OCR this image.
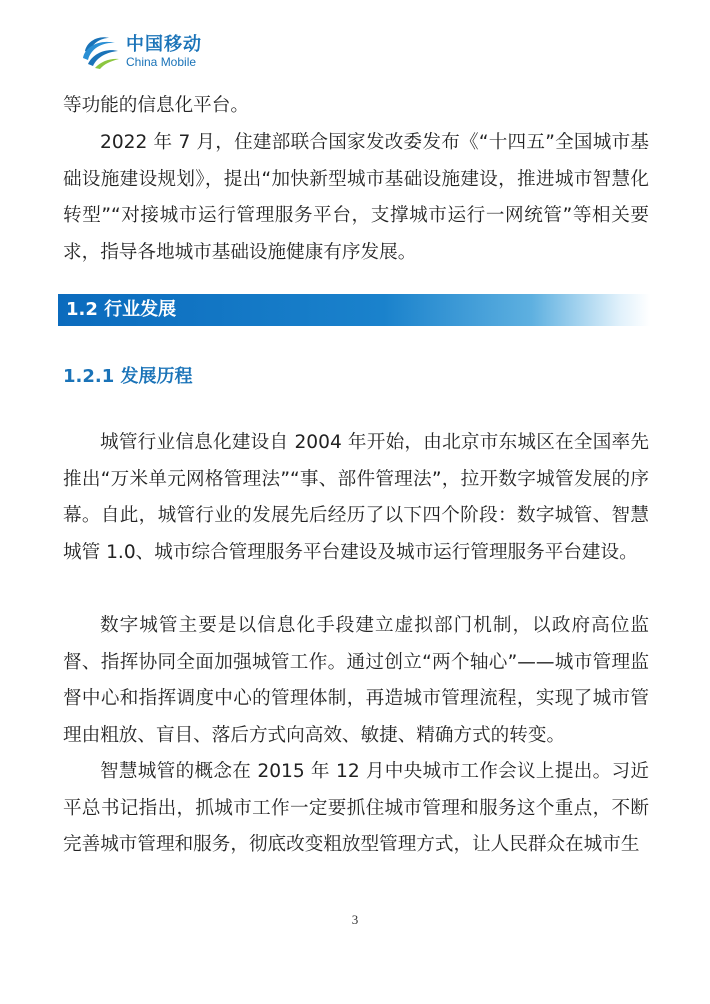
中国移动
China Mobile

等功能的信息化平台。

2022 年 7 月，住建部联合国家发改委发布《“十四五”全国城市基础设施建设规划》，提出“加快新型城市基础设施建设，推进城市智慧化转型”“对接城市运行管理服务平台，支撑城市运行一网统管”等相关要求，指导各地城市基础设施健康有序发展。

1.2 行业发展
1.2.1 发展历程

城管行业信息化建设自 2004 年开始，由北京市东城区在全国率先推出“万米单元网格管理法”“事、部件管理法”，拉开数字城管发展的序幕。自此，城管行业的发展先后经历了以下四个阶段：数字城管、智慧城管 1.0、城市综合管理服务平台建设及城市运行管理服务平台建设。

数字城管主要是以信息化手段建立虚拟部门机制，以政府高位监督、指挥协同全面加强城管工作。通过创立“两个轴心”——城市管理监督中心和指挥调度中心的管理体制，再造城市管理流程，实现了城市管理由粗放、盲目、落后方式向高效、敏捷、精确方式的转变。

智慧城管的概念在 2015 年 12 月中央城市工作会议上提出。习近平总书记指出，抓城市工作一定要抓住城市管理和服务这个重点，不断完善城市管理和服务，彻底改变粗放型管理方式，让人民群众在城市生

3
